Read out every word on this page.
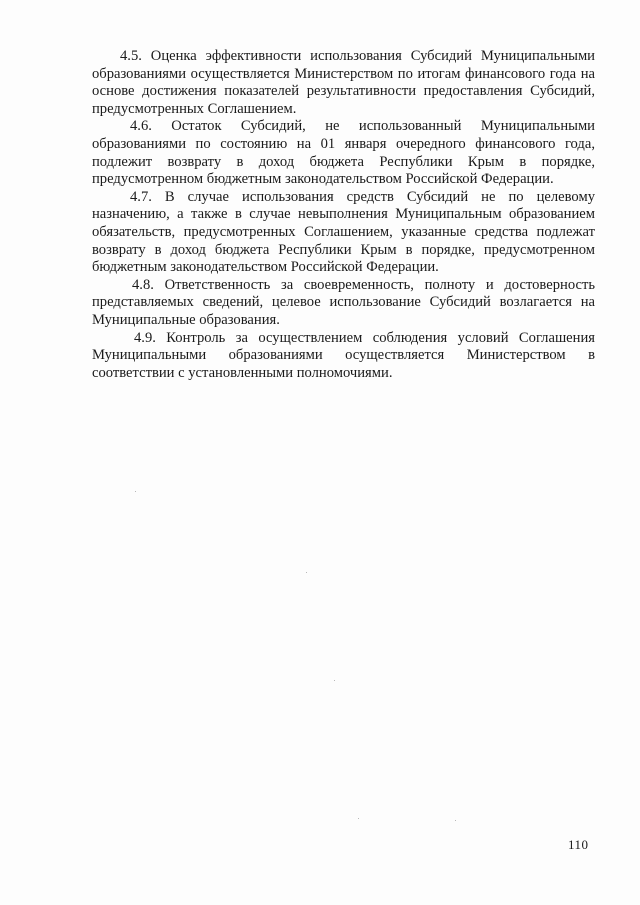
4.5. Оценка эффективности использования Субсидий Муниципальными образованиями осуществляется Министерством по итогам финансового года на основе достижения показателей результативности предоставления Субсидий, предусмотренных Соглашением.

4.6. Остаток Субсидий, не использованный Муниципальными образованиями по состоянию на 01 января очередного финансового года, подлежит возврату в доход бюджета Республики Крым в порядке, предусмотренном бюджетным законодательством Российской Федерации.

4.7. В случае использования средств Субсидий не по целевому назначению, а также в случае невыполнения Муниципальным образованием обязательств, предусмотренных Соглашением, указанные средства подлежат возврату в доход бюджета Республики Крым в порядке, предусмотренном бюджетным законодательством Российской Федерации.

4.8. Ответственность за своевременность, полноту и достоверность представляемых сведений, целевое использование Субсидий возлагается на Муниципальные образования.

4.9. Контроль за осуществлением соблюдения условий Соглашения Муниципальными образованиями осуществляется Министерством в соответствии с установленными полномочиями.

110
